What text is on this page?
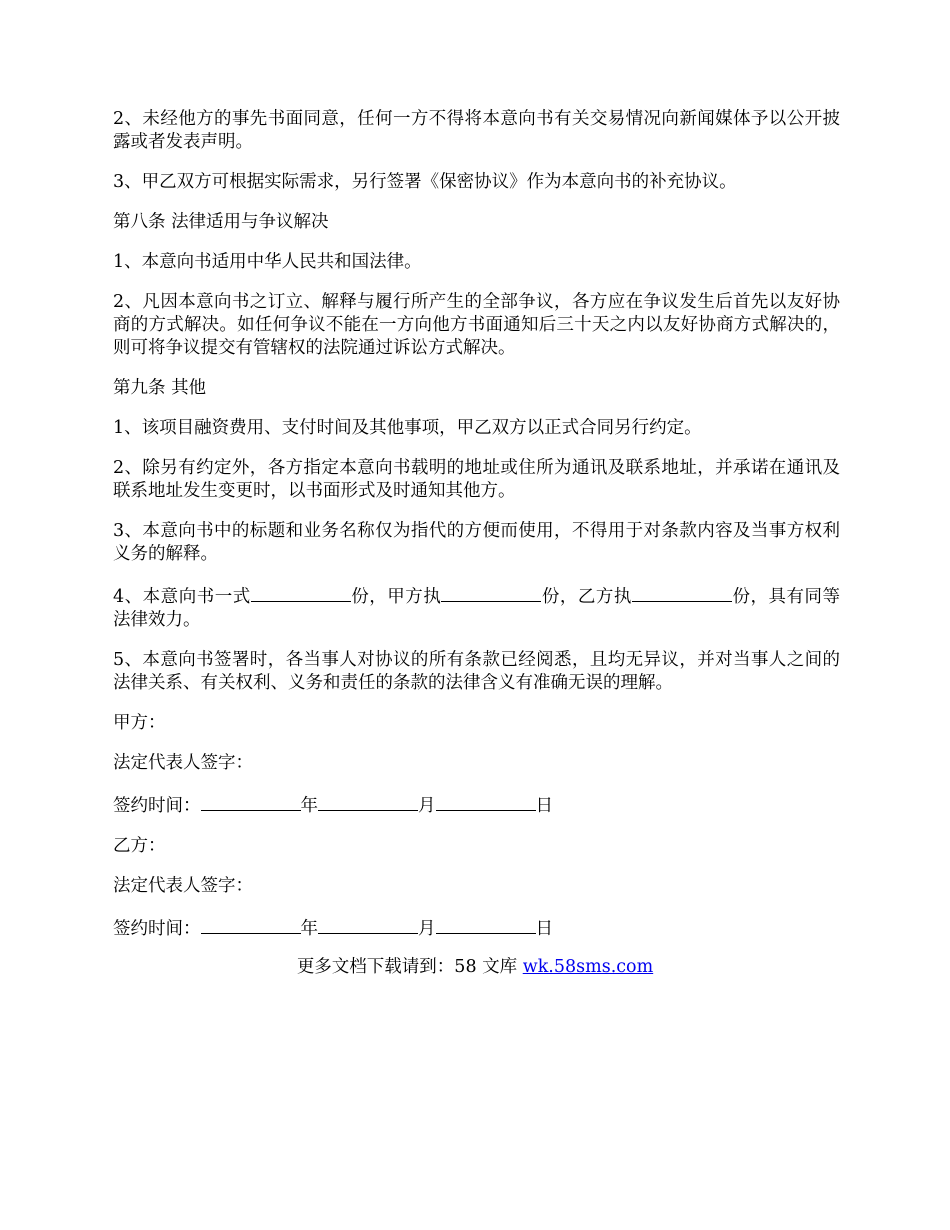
2、未经他方的事先书面同意，任何一方不得将本意向书有关交易情况向新闻媒体予以公开披露或者发表声明。

3、甲乙双方可根据实际需求，另行签署《保密协议》作为本意向书的补充协议。

第八条 法律适用与争议解决

1、本意向书适用中华人民共和国法律。

2、凡因本意向书之订立、解释与履行所产生的全部争议，各方应在争议发生后首先以友好协商的方式解决。如任何争议不能在一方向他方书面通知后三十天之内以友好协商方式解决的，则可将争议提交有管辖权的法院通过诉讼方式解决。

第九条 其他

1、该项目融资费用、支付时间及其他事项，甲乙双方以正式合同另行约定。

2、除另有约定外，各方指定本意向书载明的地址或住所为通讯及联系地址，并承诺在通讯及联系地址发生变更时，以书面形式及时通知其他方。

3、本意向书中的标题和业务名称仅为指代的方便而使用，不得用于对条款内容及当事方权利义务的解释。

4、本意向书一式	份，甲方执	份，乙方执	份，具有同等法律效力。

5、本意向书签署时，各当事人对协议的所有条款已经阅悉，且均无异议，并对当事人之间的法律关系、有关权利、义务和责任的条款的法律含义有准确无误的理解。

甲方：

法定代表人签字：

签约时间：	年	月	日

乙方：

法定代表人签字：

签约时间：	年	月	日

更多文档下载请到：58 文库 wk.58sms.com
